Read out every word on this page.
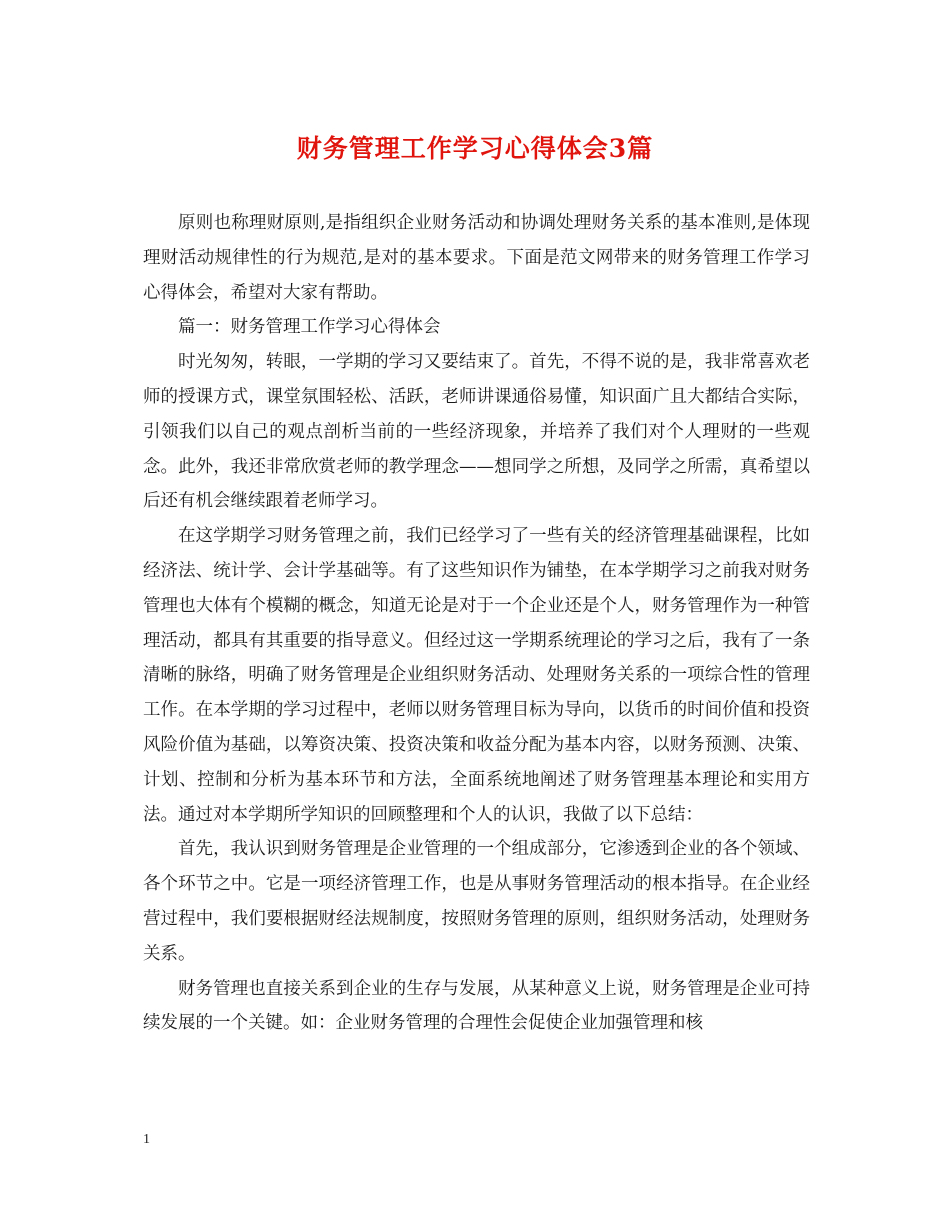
财务管理工作学习心得体会3篇

原则也称理财原则,是指组织企业财务活动和协调处理财务关系的基本准则,是体现理财活动规律性的行为规范,是对的基本要求。下面是范文网带来的财务管理工作学习心得体会，希望对大家有帮助。

篇一：财务管理工作学习心得体会

时光匆匆，转眼，一学期的学习又要结束了。首先，不得不说的是，我非常喜欢老师的授课方式，课堂氛围轻松、活跃，老师讲课通俗易懂，知识面广且大都结合实际，引领我们以自己的观点剖析当前的一些经济现象，并培养了我们对个人理财的一些观念。此外，我还非常欣赏老师的教学理念——想同学之所想，及同学之所需，真希望以后还有机会继续跟着老师学习。

在这学期学习财务管理之前，我们已经学习了一些有关的经济管理基础课程，比如经济法、统计学、会计学基础等。有了这些知识作为铺垫，在本学期学习之前我对财务管理也大体有个模糊的概念，知道无论是对于一个企业还是个人，财务管理作为一种管理活动，都具有其重要的指导意义。但经过这一学期系统理论的学习之后，我有了一条清晰的脉络，明确了财务管理是企业组织财务活动、处理财务关系的一项综合性的管理工作。在本学期的学习过程中，老师以财务管理目标为导向，以货币的时间价值和投资风险价值为基础，以筹资决策、投资决策和收益分配为基本内容，以财务预测、决策、计划、控制和分析为基本环节和方法，全面系统地阐述了财务管理基本理论和实用方法。通过对本学期所学知识的回顾整理和个人的认识，我做了以下总结：

首先，我认识到财务管理是企业管理的一个组成部分，它渗透到企业的各个领域、各个环节之中。它是一项经济管理工作，也是从事财务管理活动的根本指导。在企业经营过程中，我们要根据财经法规制度，按照财务管理的原则，组织财务活动，处理财务关系。

财务管理也直接关系到企业的生存与发展，从某种意义上说，财务管理是企业可持续发展的一个关键。如：企业财务管理的合理性会促使企业加强管理和核

1
